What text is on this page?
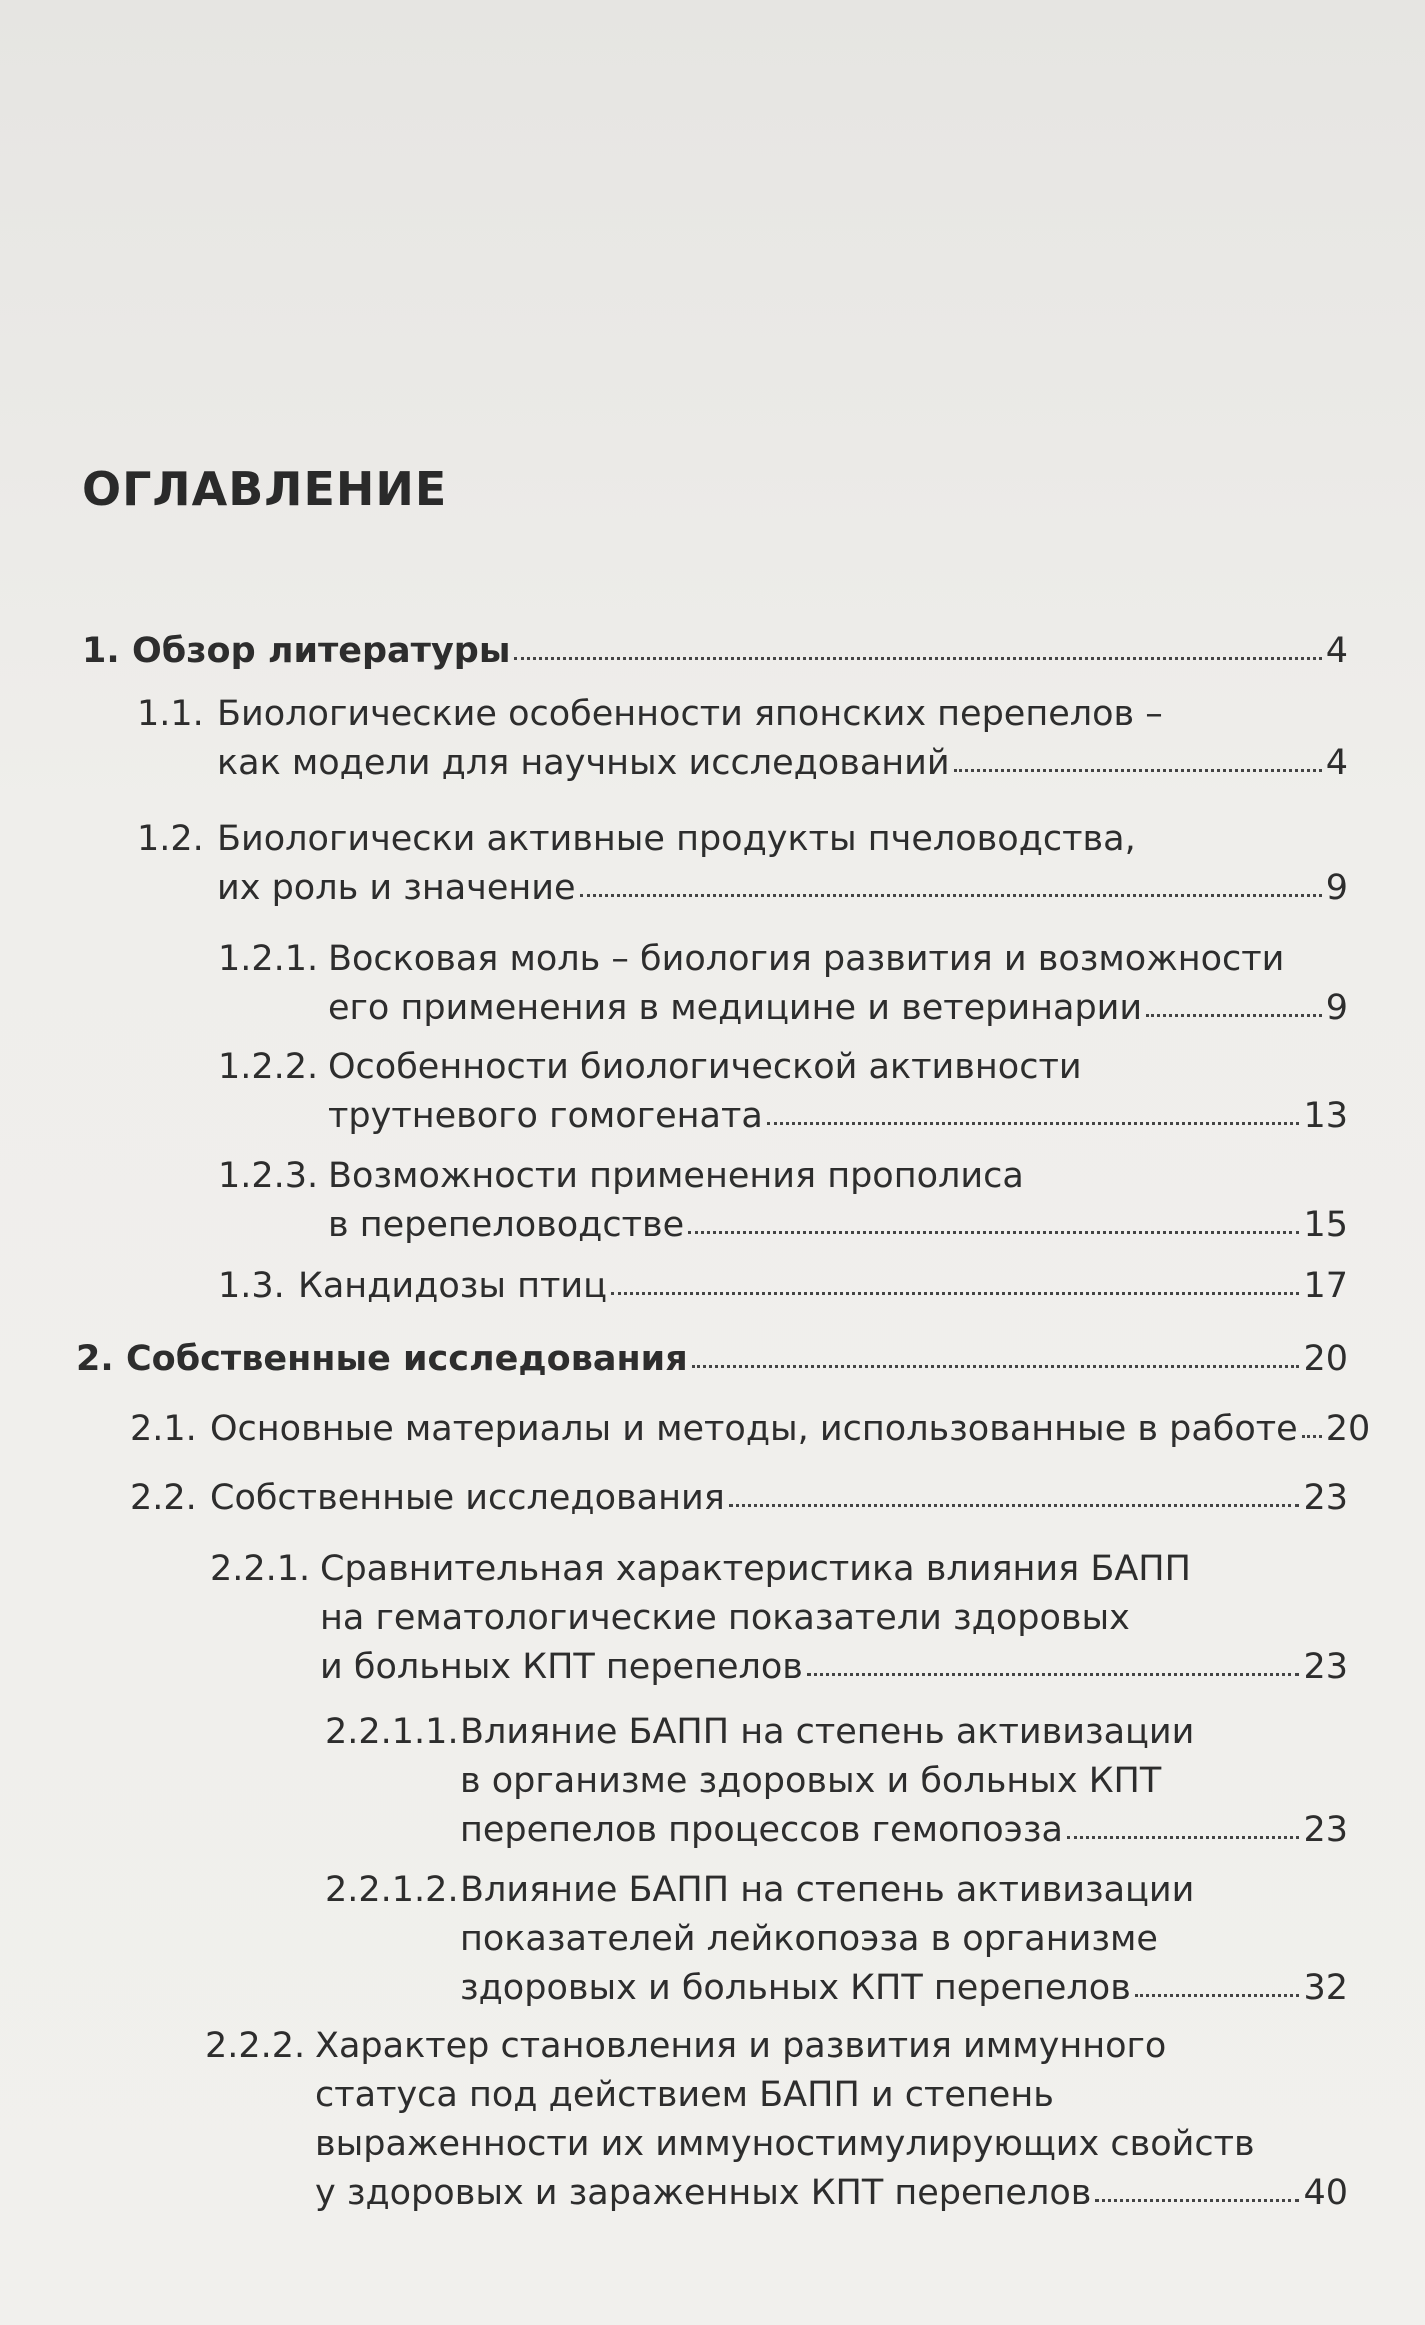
ОГЛАВЛЕНИЕ
1. Обзор литературы	4
1.1. Биологические особенности японских перепелов –
как модели для научных исследований	4
1.2. Биологически активные продукты пчеловодства,
их роль и значение	9
1.2.1. Восковая моль – биология развития и возможности
его применения в медицине и ветеринарии	9
1.2.2. Особенности биологической активности
трутневого гомогената	13
1.2.3. Возможности применения прополиса
в перепеловодстве	15
1.3. Кандидозы птиц	17
2. Собственные исследования	20
2.1. Основные материалы и методы, использованные в работе 20
2.2. Собственные исследования	23
2.2.1. Сравнительная характеристика влияния БАПП
на гематологические показатели здоровых
и больных КПТ перепелов	23
2.2.1.1. Влияние БАПП на степень активизации
в организме здоровых и больных КПТ
перепелов процессов гемопоэза	23
2.2.1.2. Влияние БАПП на степень активизации
показателей лейкопоэза в организме
здоровых и больных КПТ перепелов	32
2.2.2. Характер становления и развития иммунного
статуса под действием БАПП и степень
выраженности их иммуностимулирующих свойств
у здоровых и зараженных КПТ перепелов	40
